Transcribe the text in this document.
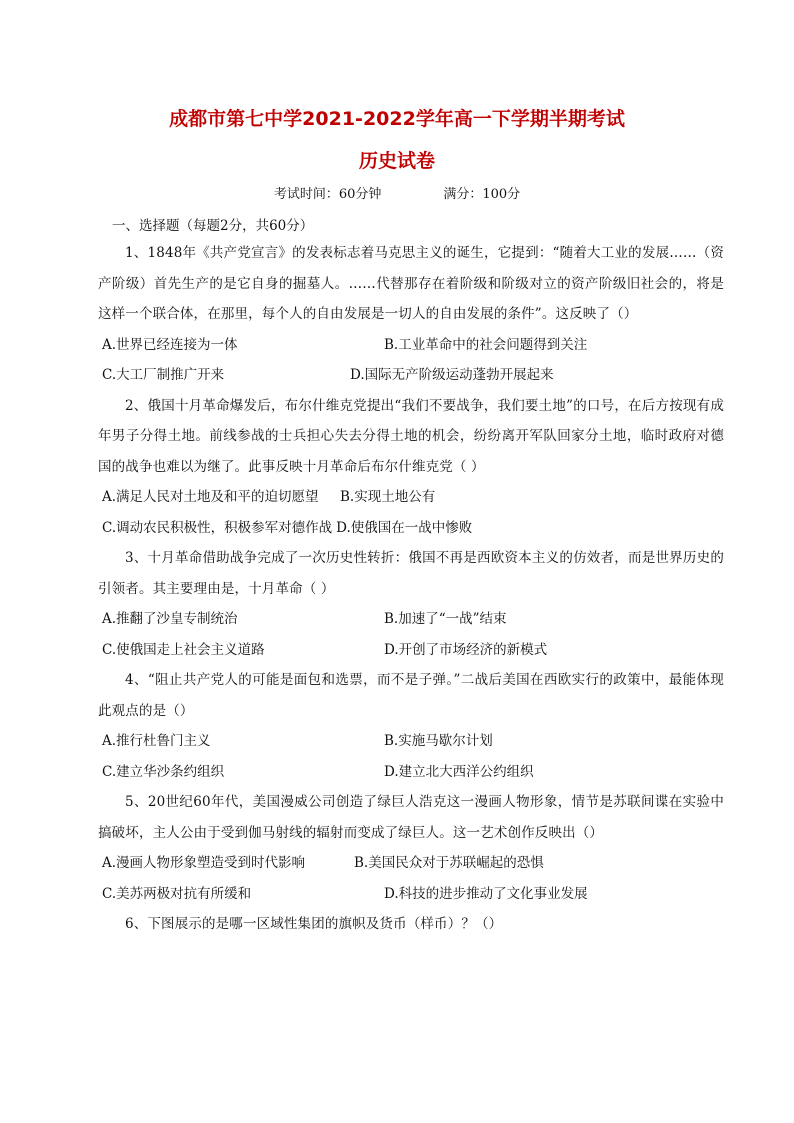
成都市第七中学2021-2022学年高一下学期半期考试
历史试卷
考试时间：60分钟	满分：100分
一、选择题（每题2分，共60分）

1、1848年《共产党宣言》的发表标志着马克思主义的诞生，它提到：“随着大工业的发展……（资产阶级）首先生产的是它自身的掘墓人。……代替那存在着阶级和阶级对立的资产阶级旧社会的，将是这样一个联合体，在那里，每个人的自由发展是一切人的自由发展的条件”。这反映了（）

A.世界已经连接为一体	B.工业革命中的社会问题得到关注
C.大工厂制推广开来	D.国际无产阶级运动蓬勃开展起来

2、俄国十月革命爆发后，布尔什维克党提出“我们不要战争，我们要土地”的口号，在后方按现有成年男子分得土地。前线参战的士兵担心失去分得土地的机会，纷纷离开军队回家分土地，临时政府对德国的战争也难以为继了。此事反映十月革命后布尔什维克党（ ）

A.满足人民对土地及和平的迫切愿望	B.实现土地公有
C.调动农民积极性，积极参军对德作战 D.使俄国在一战中惨败

3、十月革命借助战争完成了一次历史性转折：俄国不再是西欧资本主义的仿效者，而是世界历史的引领者。其主要理由是，十月革命（ ）

A.推翻了沙皇专制统治	B.加速了“一战”结束
C.使俄国走上社会主义道路	D.开创了市场经济的新模式

4、“阻止共产党人的可能是面包和选票，而不是子弹。”二战后美国在西欧实行的政策中，最能体现此观点的是（）

A.推行杜鲁门主义	B.实施马歇尔计划
C.建立华沙条约组织	D.建立北大西洋公约组织

5、20世纪60年代，美国漫威公司创造了绿巨人浩克这一漫画人物形象，情节是苏联间谍在实验中搞破坏，主人公由于受到伽马射线的辐射而变成了绿巨人。这一艺术创作反映出（）

A.漫画人物形象塑造受到时代影响	B.美国民众对于苏联崛起的恐惧
C.美苏两极对抗有所缓和	D.科技的进步推动了文化事业发展

6、下图展示的是哪一区域性集团的旗帜及货币（样币）？（）
